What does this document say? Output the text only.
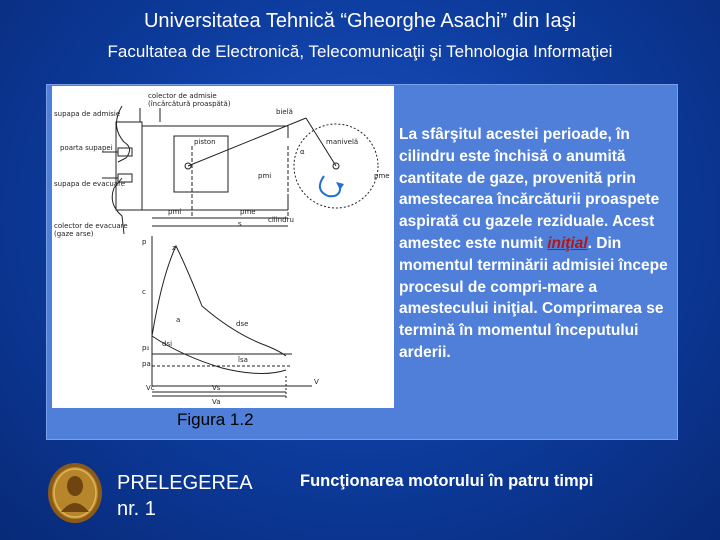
Universitatea Tehnică “Gheorghe Asachi” din Iaşi
Facultatea de Electronică, Telecomunicaţii şi Tehnologia Informaţiei
colector de admisie
(încărcătură proaspătă)
supapa de admisie
poarta supapei
supapa de evacuare
colector de evacuare
(gaze arse)
bielă
piston
pmi	pme
cilindru
manivelă
α
s
pmi	pme
p
V
z
c
a
p₀
pa
dsi
îsa
dse
Vc	Vs
Va
Figura 1.2
La sfârşitul acestei perioade, în cilindru este închisă o anumită cantitate de gaze, provenită prin amestecarea încărcăturii proaspete aspirată cu gazele reziduale. Acest amestec este numit iniţial. Din momentul terminării admisiei începe procesul de compri-mare a amestecului iniţial. Comprimarea se termină în momentul începutului arderii.
PRELEGEREA
nr. 1
Funcţionarea motorului în patru timpi
